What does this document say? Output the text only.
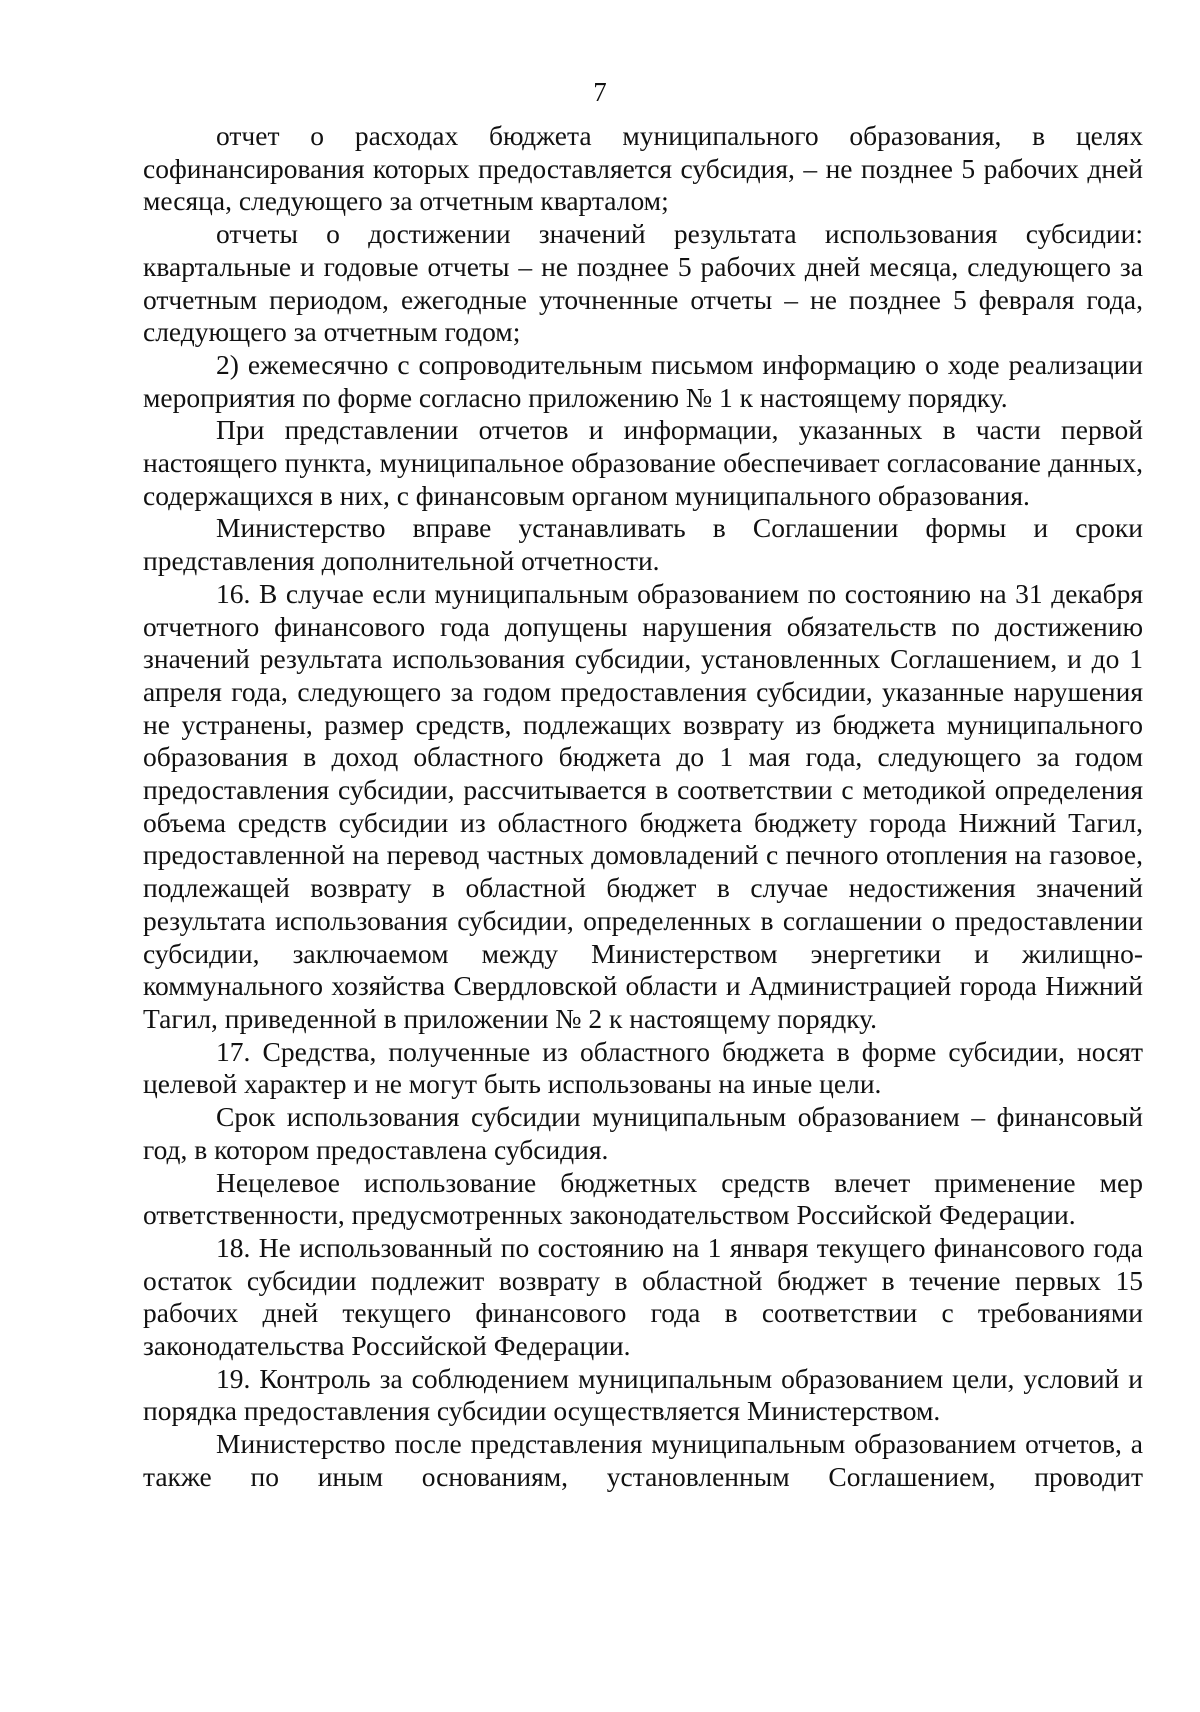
7

отчет о расходах бюджета муниципального образования, в целях софинансирования которых предоставляется субсидия, – не позднее 5 рабочих дней месяца, следующего за отчетным кварталом;

отчеты о достижении значений результата использования субсидии: квартальные и годовые отчеты – не позднее 5 рабочих дней месяца, следующего за отчетным периодом, ежегодные уточненные отчеты – не позднее 5 февраля года, следующего за отчетным годом;

2) ежемесячно с сопроводительным письмом информацию о ходе реализации мероприятия по форме согласно приложению № 1 к настоящему порядку.

При представлении отчетов и информации, указанных в части первой настоящего пункта, муниципальное образование обеспечивает согласование данных, содержащихся в них, с финансовым органом муниципального образования.

Министерство вправе устанавливать в Соглашении формы и сроки представления дополнительной отчетности.

16. В случае если муниципальным образованием по состоянию на 31 декабря отчетного финансового года допущены нарушения обязательств по достижению значений результата использования субсидии, установленных Соглашением, и до 1 апреля года, следующего за годом предоставления субсидии, указанные нарушения не устранены, размер средств, подлежащих возврату из бюджета муниципального образования в доход областного бюджета до 1 мая года, следующего за годом предоставления субсидии, рассчитывается в соответствии с методикой определения объема средств субсидии из областного бюджета бюджету города Нижний Тагил, предоставленной на перевод частных домовладений с печного отопления на газовое, подлежащей возврату в областной бюджет в случае недостижения значений результата использования субсидии, определенных в соглашении о предоставлении субсидии, заключаемом между Министерством энергетики и жилищно-коммунального хозяйства Свердловской области и Администрацией города Нижний Тагил, приведенной в приложении № 2 к настоящему порядку.

17. Средства, полученные из областного бюджета в форме субсидии, носят целевой характер и не могут быть использованы на иные цели.

Срок использования субсидии муниципальным образованием – финансовый год, в котором предоставлена субсидия.

Нецелевое использование бюджетных средств влечет применение мер ответственности, предусмотренных законодательством Российской Федерации.

18. Не использованный по состоянию на 1 января текущего финансового года остаток субсидии подлежит возврату в областной бюджет в течение первых 15 рабочих дней текущего финансового года в соответствии с требованиями законодательства Российской Федерации.

19. Контроль за соблюдением муниципальным образованием цели, условий и порядка предоставления субсидии осуществляется Министерством.

Министерство после представления муниципальным образованием отчетов, а также по иным основаниям, установленным Соглашением, проводит
